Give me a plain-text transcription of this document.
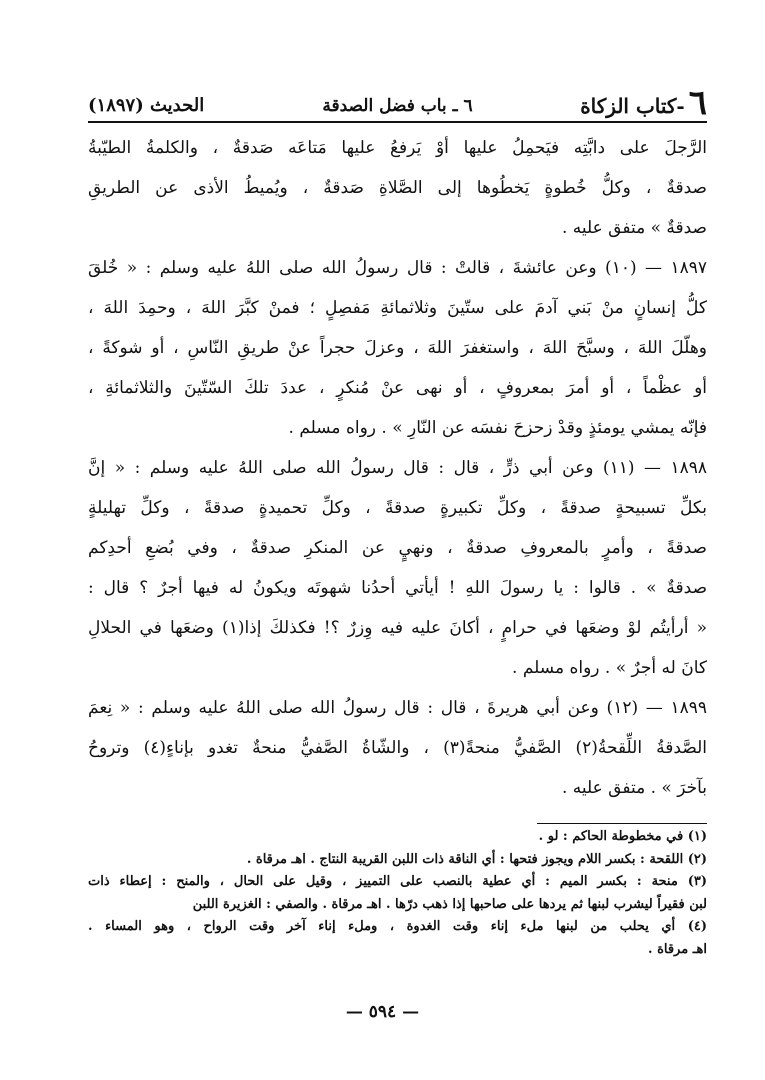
٦
-كتاب الزكاة
٦ ـ باب فضل الصدقة
الحديث (١٨٩٧)
الرَّجلَ على دابَّتِه فيَحمِلُ عليها أوْ يَرفعُ عليها مَتاعَه صَدقةٌ ، والكلمةُ الطيّبةُ
صدقةٌ ، وكلُّ خُطوةٍ يَخطُوها إلى الصَّلاةِ صَدقةٌ ، ويُميطُ الأذى عن الطريقِ
صدقةٌ » متفق عليه .
١٨٩٧ — (١٠) وعن عائشةَ ، قالتْ : قال رسولُ الله صلى اللهُ عليه وسلم : « خُلقَ
كلُّ إنسانٍ منْ بَني آدمَ على ستّينَ وثلاثمائةِ مَفصِلٍ ؛ فمنْ كبَّرَ اللهَ ، وحمِدَ اللهَ ،
وهلّلَ اللهَ ، وسبَّحَ اللهَ ، واستغفرَ اللهَ ، وعزلَ حجراً عنْ طريقِ النّاسِ ، أو شوكةً ،
أو عظْماً ، أو أمرَ بمعروفٍ ، أو نهى عنْ مُنكرٍ ، عددَ تلكَ السّتّينَ والثلاثمائةِ ،
فإنّه يمشي يومئذٍ وقدْ زحزحَ نفسَه عن النّارِ » . رواه مسلم .
١٨٩٨ — (١١) وعن أبي ذرٍّ ، قال : قال رسولُ الله صلى اللهُ عليه وسلم : « إنَّ
بكلِّ تسبيحةٍ صدقةً ، وكلِّ تكبيرةٍ صدقةً ، وكلِّ تحميدةٍ صدقةً ، وكلِّ تهليلةٍ
صدقةً ، وأمرٍ بالمعروفِ صدقةٌ ، ونهيٍ عن المنكرِ صدقةٌ ، وفي بُضعِ أحدِكم
صدقةٌ » . قالوا : يا رسولَ اللهِ ! أيأتي أحدُنا شهوتَه ويكونُ له فيها أجرٌ ؟ قال :
« أرأيتُم لوْ وضعَها في حرامٍ ، أكانَ عليه فيه وِزرٌ ؟! فكذلكَ إذا(١) وضعَها في الحلالِ
كانَ له أجرٌ » . رواه مسلم .
١٨٩٩ — (١٢) وعن أبي هريرةَ ، قال : قال رسولُ الله صلى اللهُ عليه وسلم : « نِعمَ
الصَّدقةُ اللِّقحةُ(٢) الصَّفيُّ منحةً(٣) ، والشّاةُ الصَّفيُّ منحةٌ تغدو بإناءٍ(٤) وتروحُ
بآخرَ » . متفق عليه .
(١) في مخطوطة الحاكم : لو .
(٢) اللقحة : بكسر اللام ويجوز فتحها : أي الناقة ذات اللبن القريبة النتاج . اهـ مرقاة .
(٣) منحة : بكسر الميم : أي عطية بالنصب على التمييز ، وقيل على الحال ، والمنح : إعطاء ذات
لبن فقيراً ليشرب لبنها ثم يردها على صاحبها إذا ذهب درّها . اهـ مرقاة . والصفي : الغزيرة اللبن
(٤) أي يحلب من لبنها ملء إناء وقت الغدوة ، وملء إناء آخر وقت الرواح ، وهو المساء .
اهـ مرقاة .
— ٥٩٤ —
